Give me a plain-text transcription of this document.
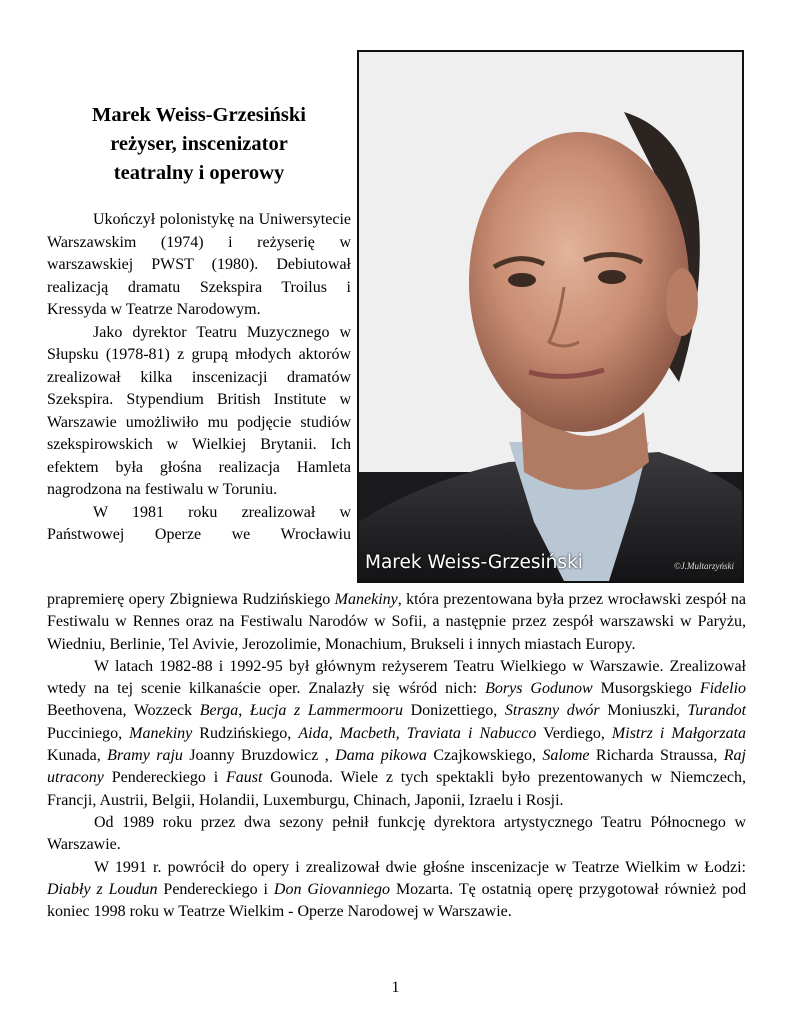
Marek Weiss-Grzesiński
reżyser, inscenizator
teatralny i operowy

Ukończył polonistykę na Uniwersytecie Warszawskim (1974) i reżyserię w warszawskiej PWST (1980). Debiutował realizacją dramatu Szekspira Troilus i Kressyda w Teatrze Narodowym.

Jako dyrektor Teatru Muzycznego w Słupsku (1978-81) z grupą młodych aktorów zrealizował kilka inscenizacji dramatów Szekspira. Stypendium British Institute w Warszawie umożliwiło mu podjęcie studiów szekspirowskich w Wielkiej Brytanii. Ich efektem była głośna realizacja Hamleta nagrodzona na festiwalu w Toruniu.

W 1981 roku zrealizował w Państwowej Operze we Wrocławiu

Marek Weiss-Grzesiński	©J.Multarzyński

prapremierę opery Zbigniewa Rudzińskiego Manekiny, która prezentowana była przez wrocławski zespół na Festiwalu w Rennes oraz na Festiwalu Narodów w Sofii, a następnie przez zespół warszawski w Paryżu, Wiedniu, Berlinie, Tel Avivie, Jerozolimie, Monachium, Brukseli i innych miastach Europy.

W latach 1982-88 i 1992-95 był głównym reżyserem Teatru Wielkiego w Warszawie. Zrealizował wtedy na tej scenie kilkanaście oper. Znalazły się wśród nich: Borys Godunow Musorgskiego Fidelio Beethovena, Wozzeck Berga, Łucja z Lammermooru Donizettiego, Straszny dwór Moniuszki, Turandot Pucciniego, Manekiny Rudzińskiego, Aida, Macbeth, Traviata i Nabucco Verdiego, Mistrz i Małgorzata Kunada, Bramy raju Joanny Bruzdowicz , Dama pikowa Czajkowskiego, Salome Richarda Straussa, Raj utracony Pendereckiego i Faust Gounoda. Wiele z tych spektakli było prezentowanych w Niemczech, Francji, Austrii, Belgii, Holandii, Luxemburgu, Chinach, Japonii, Izraelu i Rosji.

Od 1989 roku przez dwa sezony pełnił funkcję dyrektora artystycznego Teatru Północnego w Warszawie.

W 1991 r. powrócił do opery i zrealizował dwie głośne inscenizacje w Teatrze Wielkim w Łodzi: Diabły z Loudun Pendereckiego i Don Giovanniego Mozarta. Tę ostatnią operę przygotował również pod koniec 1998 roku w Teatrze Wielkim - Operze Narodowej w Warszawie.

1
